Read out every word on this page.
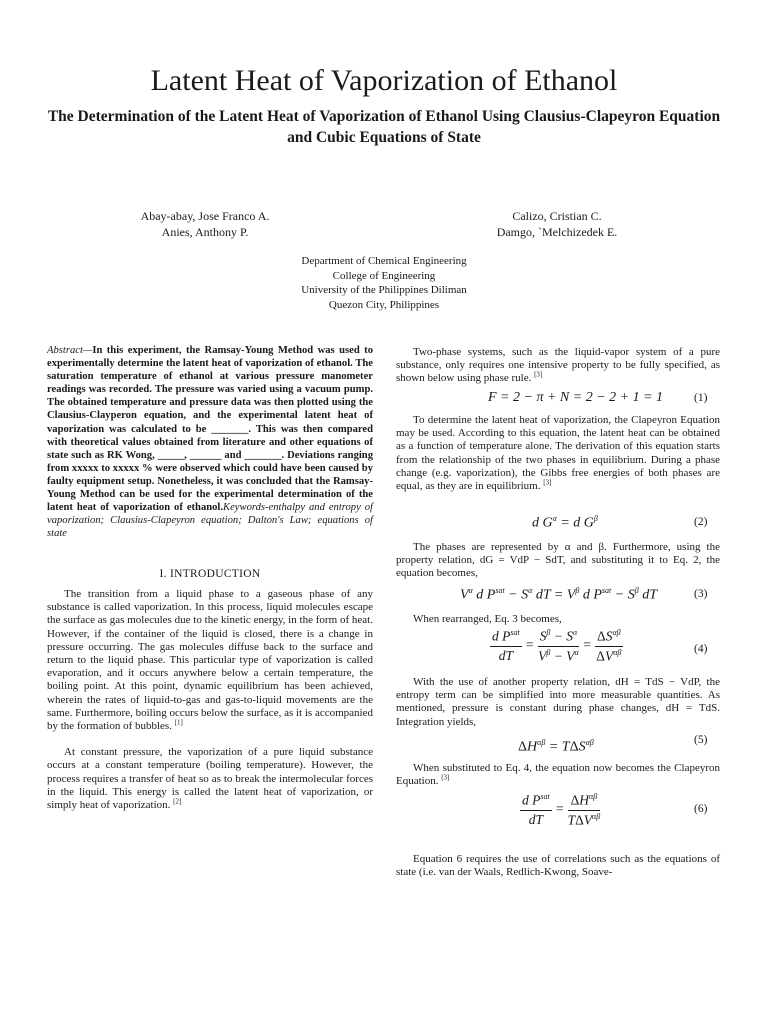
Latent Heat of Vaporization of Ethanol
The Determination of the Latent Heat of Vaporization of Ethanol Using Clausius-Clapeyron Equation and Cubic Equations of State
Abay-abay, Jose Franco A.
Anies, Anthony P.
Calizo, Cristian C.
Damgo, `Melchizedek E.
Department of Chemical Engineering
College of Engineering
University of the Philippines Diliman
Quezon City, Philippines
Abstract—In this experiment, the Ramsay-Young Method was used to experimentally determine the latent heat of vaporization of ethanol. The saturation temperature of ethanol at various pressure manometer readings was recorded. The pressure was varied using a vacuum pump. The obtained temperature and pressure data was then plotted using the Clausius-Clayperon equation, and the experimental latent heat of vaporization was calculated to be _______. This was then compared with theoretical values obtained from literature and other equations of state such as RK Wong, _____, ______ and _______. Deviations ranging from xxxxx to xxxxx % were observed which could have been caused by faulty equipment setup. Nonetheless, it was concluded that the Ramsay-Young Method can be used for the experimental determination of the latent heat of vaporization of ethanol.Keywords-enthalpy and entropy of vaporization; Clausius-Clapeyron equation; Dalton's Law; equations of state
I. INTRODUCTION

The transition from a liquid phase to a gaseous phase of any substance is called vaporization. In this process, liquid molecules escape the surface as gas molecules due to the kinetic energy, in the form of heat. However, if the container of the liquid is closed, there is a change in pressure occurring. The gas molecules diffuse back to the surface and return to the liquid phase. This particular type of vaporization is called evaporation, and it occurs anywhere below a certain temperature, the boiling point. At this point, dynamic equilibrium has been achieved, wherein the rates of liquid-to-gas and gas-to-liquid movements are the same. Furthermore, boiling occurs below the surface, as it is accompanied by the formation of bubbles. [1]

At constant pressure, the vaporization of a pure liquid substance occurs at a constant temperature (boiling temperature). However, the process requires a transfer of heat so as to break the intermolecular forces in the liquid. This energy is called the latent heat of vaporization, or simply heat of vaporization. [2]

Two-phase systems, such as the liquid-vapor system of a pure substance, only requires one intensive property to be fully specified, as shown below using phase rule. [3]

F = 2 − π + N = 2 − 2 + 1 = 1	(1)

To determine the latent heat of vaporization, the Clapeyron Equation may be used. According to this equation, the latent heat can be obtained as a function of temperature alone. The derivation of this equation starts from the relationship of the two phases in equilibrium. During a phase change (e.g. vaporization), the Gibbs free energies of both phases are equal, as they are in equilibrium. [3]

d $G^\alpha = d$ $G^\beta$	(2)

The phases are represented by α and β. Furthermore, using the property relation, dG = VdP − SdT, and substituting it to Eq. 2, the equation becomes,

$V^\alpha$ d $P^{sat} - S^\alpha$ dT = $V^\beta$ d $P^{sat} - S^\beta$ dT	(3)

When rearranged, Eq. 3 becomes,

$\frac{d P^{sat}}{dT} = \frac{S^\beta - S^\alpha}{V^\beta - V^\alpha} = \frac{\Delta S^{\alpha\beta}}{\Delta V^{\alpha\beta}}$	(4)

With the use of another property relation, dH = TdS − VdP, the entropy term can be simplified into more measurable quantities. As mentioned, pressure is constant during phase changes, dH = TdS. Integration yields,

$\Delta H^{\alpha\beta} = T\Delta S^{\alpha\beta}$	(5)

When substituted to Eq. 4, the equation now becomes the Clapeyron Equation. [3]

$\frac{d P^{sat}}{dT} = \frac{\Delta H^{\alpha\beta}}{T\Delta V^{\alpha\beta}}$	(6)

Equation 6 requires the use of correlations such as the equations of state (i.e. van der Waals, Redlich-Kwong, Soave-
